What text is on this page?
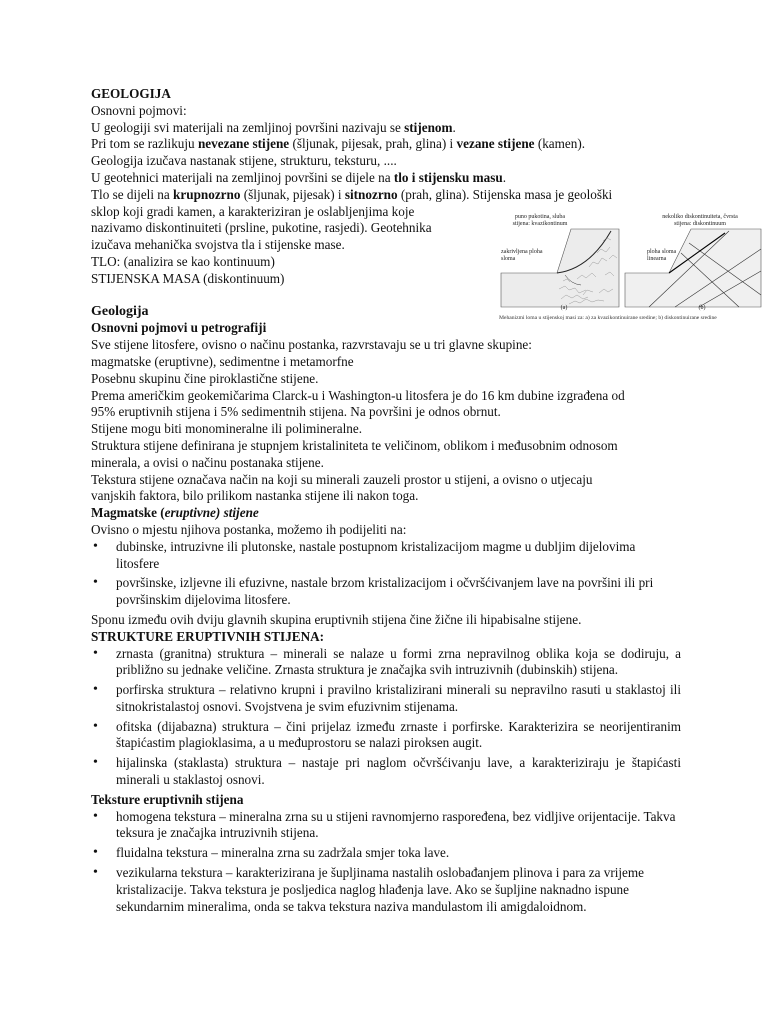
GEOLOGIJA
Osnovni pojmovi:
U geologiji svi materijali na zemljinoj površini nazivaju se stijenom.
Pri tom se razlikuju nevezane stijene (šljunak, pijesak, prah, glina) i vezane stijene (kamen).
Geologija izučava nastanak stijene, strukturu, teksturu, ....
U geotehnici materijali na zemljinoj površini se dijele na tlo i stijensku masu.
Tlo se dijeli na krupnozrno (šljunak, pijesak) i sitnozrno (prah, glina). Stijenska masa je geološki
sklop koji gradi kamen, a karakteriziran je oslabljenjima koje
nazivamo diskontinuiteti (prsline, pukotine, rasjedi). Geotehnika
izučava mehanička svojstva tla i stijenske mase.
TLO: (analizira se kao kontinuum)
STIJENSKA MASA (diskontinuum)
Geologija
Osnovni pojmovi u petrografiji
Sve stijene litosfere, ovisno o načinu postanka, razvrstavaju se u tri glavne skupine:
magmatske (eruptivne), sedimentne i metamorfne
Posebnu skupinu čine piroklastične stijene.
Prema američkim geokemičarima Clarck-u i Washington-u litosfera je do 16 km dubine izgrađena od
95% eruptivnih stijena i 5% sedimentnih stijena. Na površini je odnos obrnut.
Stijene mogu biti monomineralne ili polimineralne.
Struktura stijene definirana je stupnjem kristaliniteta te veličinom, oblikom i međusobnim odnosom
minerala, a ovisi o načinu postanaka stijene.
Tekstura stijene označava način na koji su minerali zauzeli prostor u stijeni, a ovisno o utjecaju
vanjskih faktora, bilo prilikom nastanka stijene ili nakon toga.
Magmatske (eruptivne) stijene
Ovisno o mjestu njihova postanka, možemo ih podijeliti na:
• dubinske, intruzivne ili plutonske, nastale postupnom kristalizacijom magme u dubljim dijelovima litosfere
• površinske, izljevne ili efuzivne, nastale brzom kristalizacijom i očvršćivanjem lave na površini ili pri površinskim dijelovima litosfere.
Sponu između ovih dviju glavnih skupina eruptivnih stijena čine žične ili hipabisalne stijene.
STRUKTURE ERUPTIVNIH STIJENA:
• zrnasta (granitna) struktura – minerali se nalaze u formi zrna nepravilnog oblika koja se dodiruju, a približno su jednake veličine. Zrnasta struktura je značajka svih intruzivnih (dubinskih) stijena.
• porfirska struktura – relativno krupni i pravilno kristalizirani minerali su nepravilno rasuti u staklastoj ili sitnokristalastoj osnovi. Svojstvena je svim efuzivnim stijenama.
• ofitska (dijabazna) struktura – čini prijelaz između zrnaste i porfirske. Karakterizira se neorijentiranim štapićastim plagioklasima, a u međuprostoru se nalazi piroksen augit.
• hijalinska (staklasta) struktura – nastaje pri naglom očvršćivanju lave, a karakteriziraju je štapićasti minerali u staklastoj osnovi.
Teksture eruptivnih stijena
• homogena tekstura – mineralna zrna su u stijeni ravnomjerno raspoređena, bez vidljive orijentacije. Takva teksura je značajka intruzivnih stijena.
• fluidalna tekstura – mineralna zrna su zadržala smjer toka lave.
• vezikularna tekstura – karakterizirana je šupljinama nastalih oslobađanjem plinova i para za vrijeme kristalizacije. Takva tekstura je posljedica naglog hlađenja lave. Ako se šupljine naknadno ispune sekundarnim mineralima, onda se takva tekstura naziva mandulastom ili amigdaloidnom.
puno pukotina, sluba stijena: kvazikontinum
zakrivljena ploha sloma
nekoliko diskontinuiteta, čvrsta stijena: diskontinuum
ploha sloma linearna
(a)	(b)
Mehanizmi loma u stijenskoj masi za: a) za kvazikontinuirane sredine; b) diskontinuirane sredine
